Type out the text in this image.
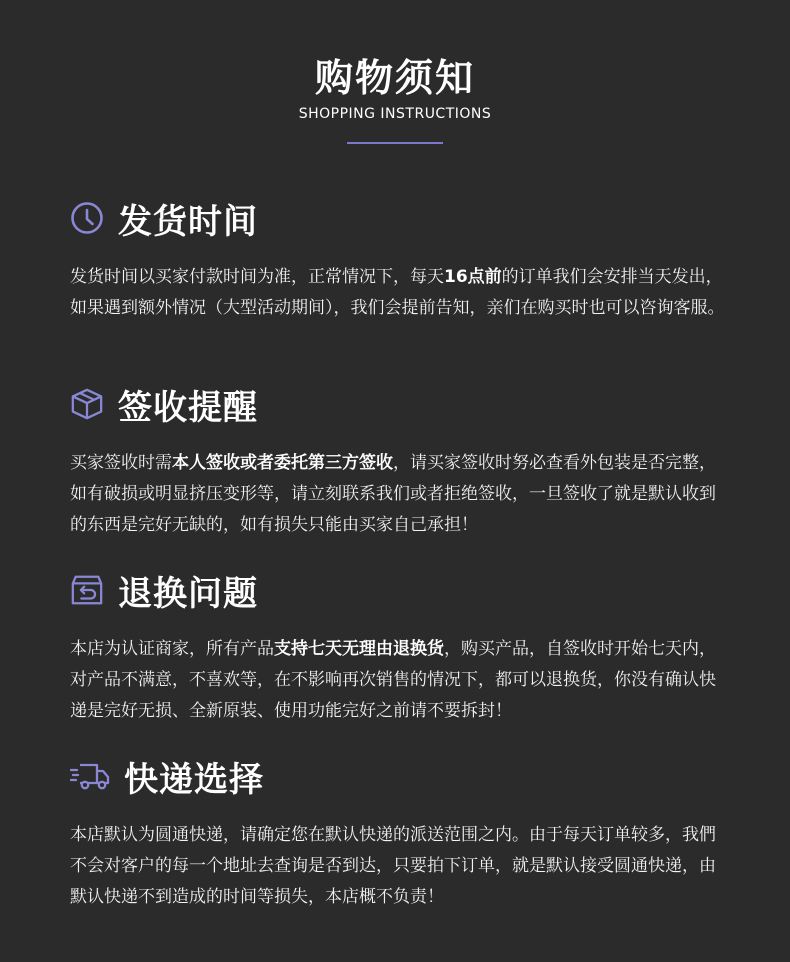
购物须知
SHOPPING INSTRUCTIONS
发货时间
发货时间以买家付款时间为准，正常情况下，每天16点前的订单我们会安排当天发出，如果遇到额外情况（大型活动期间），我们会提前告知，亲们在购买时也可以咨询客服。
签收提醒
买家签收时需本人签收或者委托第三方签收，请买家签收时努必查看外包装是否完整，如有破损或明显挤压变形等，请立刻联系我们或者拒绝签收，一旦签收了就是默认收到的东西是完好无缺的，如有损失只能由买家自己承担！
退换问题
本店为认证商家，所有产品支持七天无理由退换货，购买产品，自签收时开始七天内，对产品不满意，不喜欢等，在不影响再次销售的情况下，都可以退换货，你没有确认快递是完好无损、全新原装、使用功能完好之前请不要拆封！
快递选择
本店默认为圆通快递，请确定您在默认快递的派送范围之内。由于每天订单较多，我們不会对客户的每一个地址去查询是否到达，只要拍下订单，就是默认接受圆通快递，由默认快递不到造成的时间等损失，本店概不负责！
